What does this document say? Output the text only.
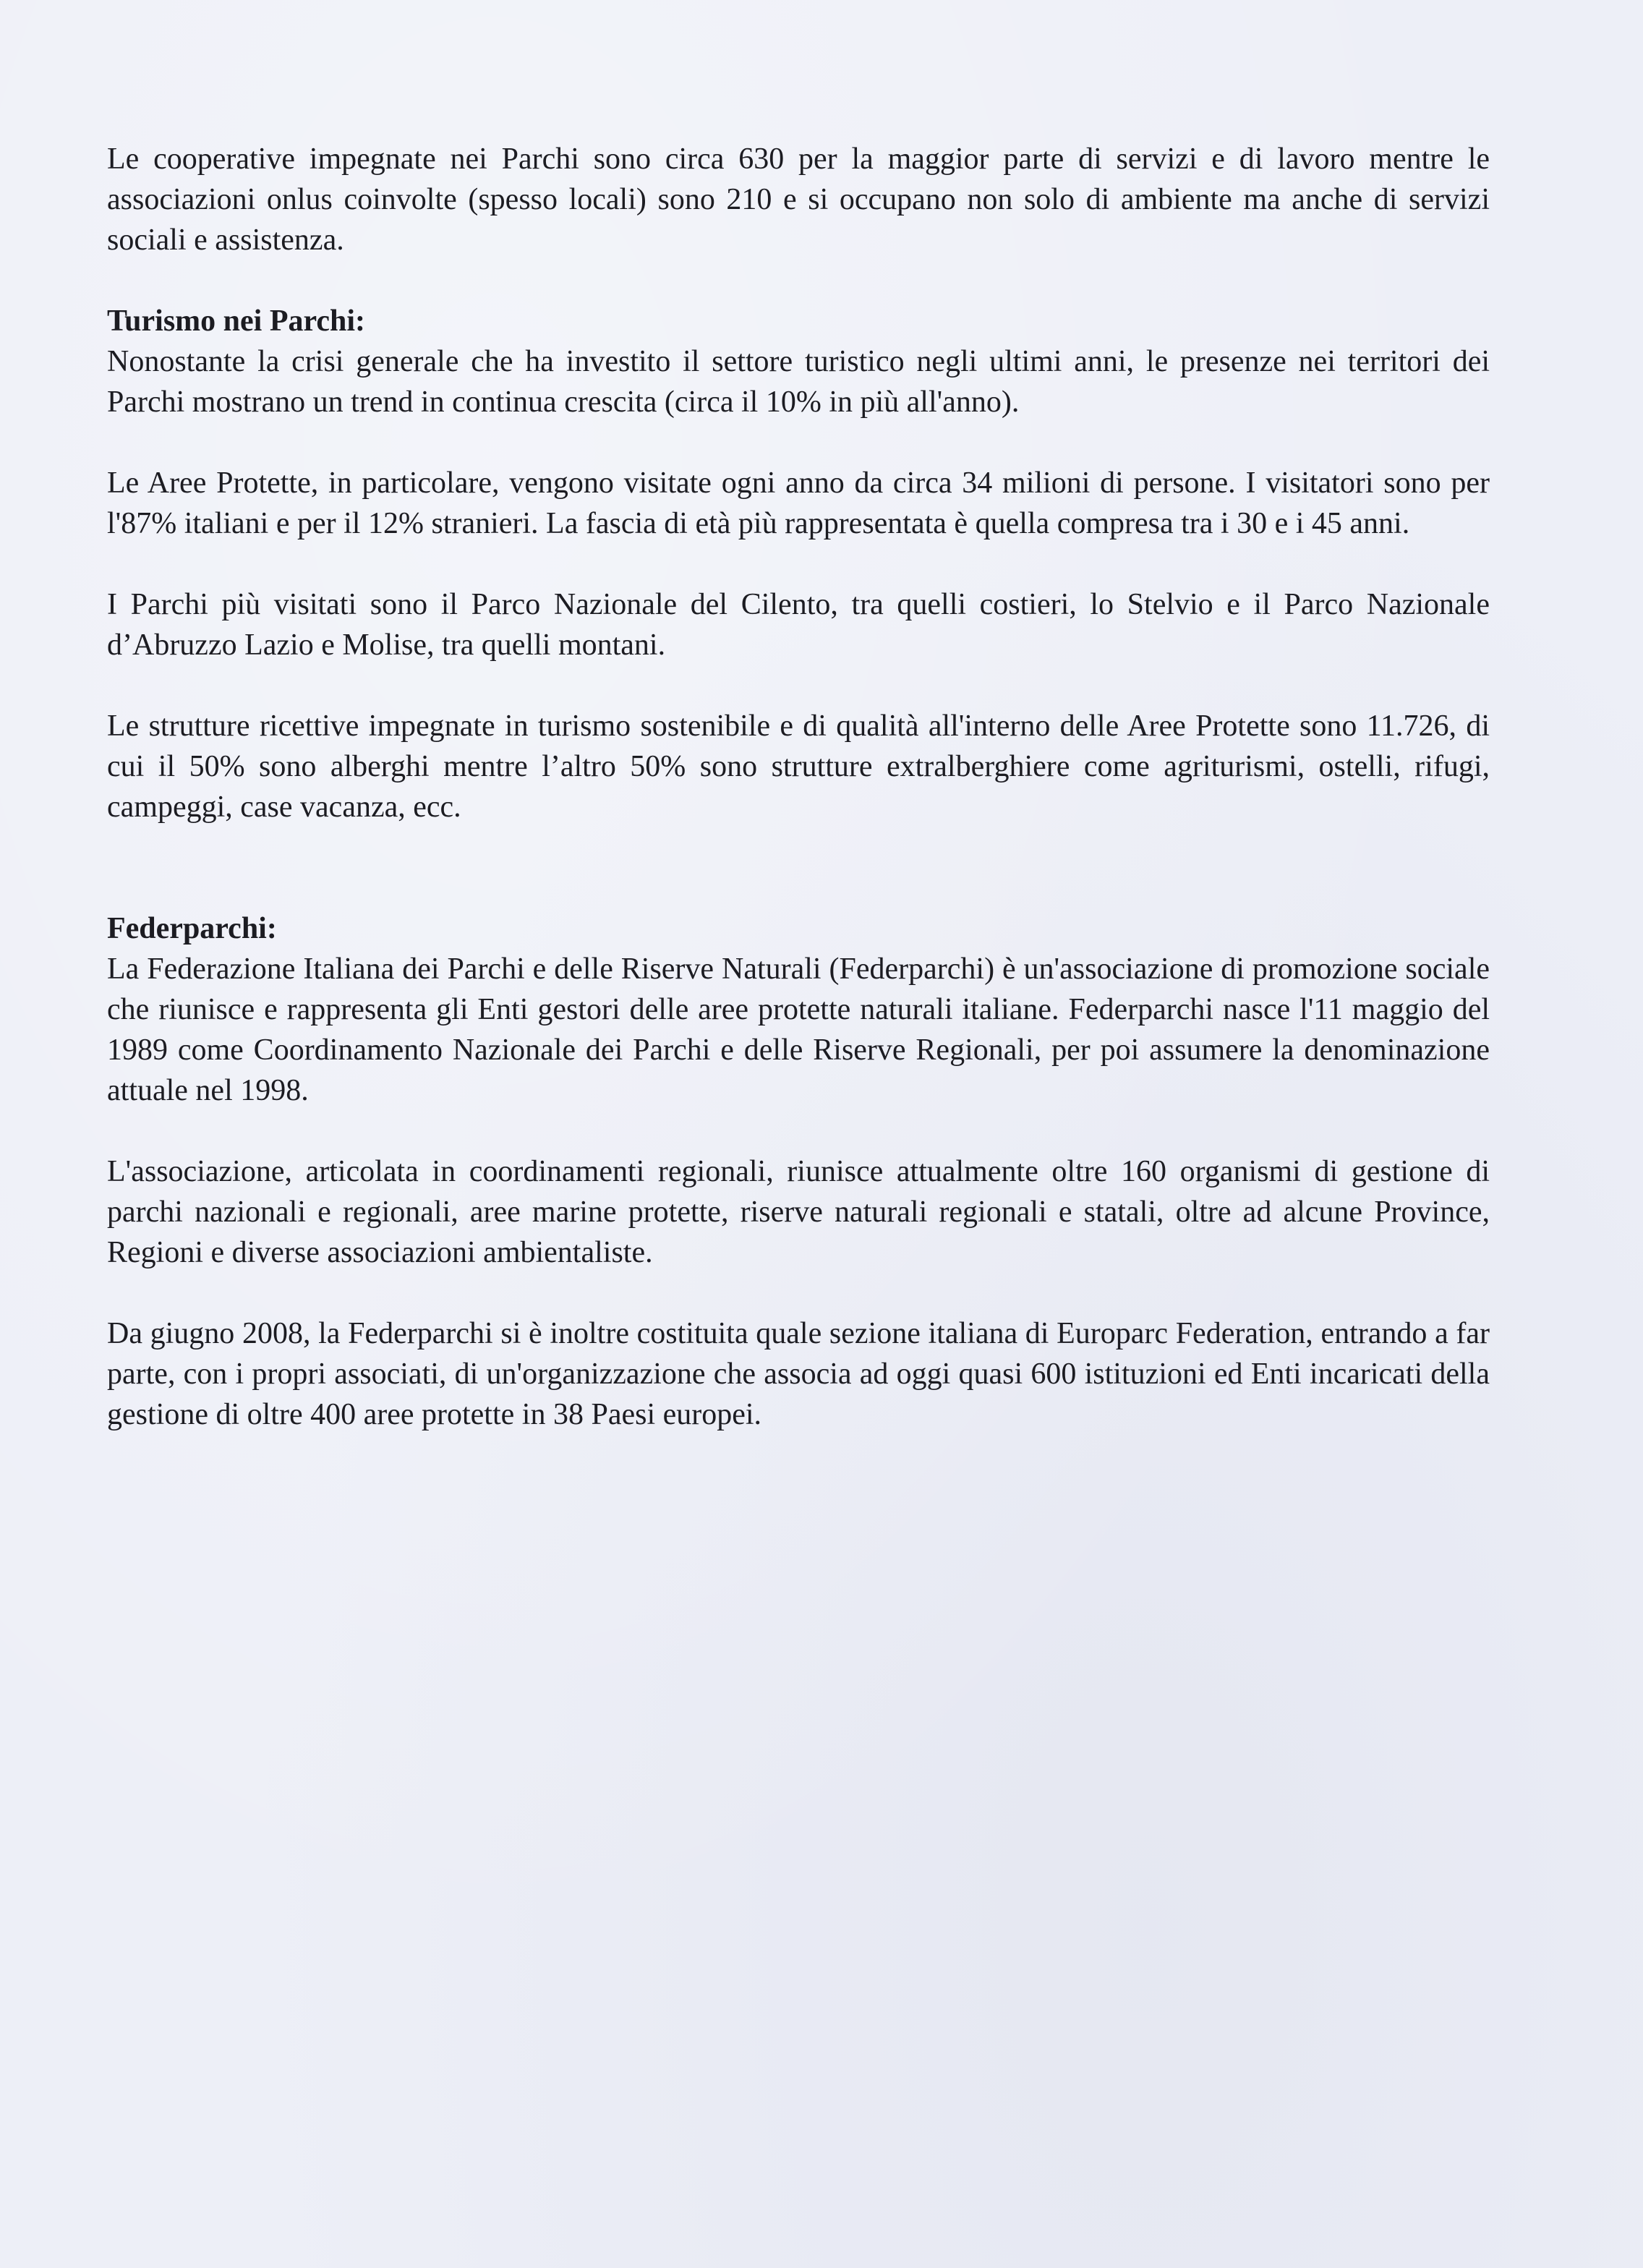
Le cooperative impegnate nei Parchi sono circa 630 per la maggior parte di servizi e di lavoro mentre le associazioni onlus coinvolte (spesso locali) sono 210 e si occupano non solo di ambiente ma anche di servizi sociali e assistenza.

Turismo nei Parchi:

Nonostante la crisi generale che ha investito il settore turistico negli ultimi anni, le presenze nei territori dei Parchi mostrano un trend in continua crescita (circa il 10% in più all'anno).

Le Aree Protette, in particolare, vengono visitate ogni anno da circa 34 milioni di persone. I visitatori sono per l'87% italiani e per il 12% stranieri. La fascia di età più rappresentata è quella compresa tra i 30 e i 45 anni.

I Parchi più visitati sono il Parco Nazionale del Cilento, tra quelli costieri, lo Stelvio e il Parco Nazionale d’Abruzzo Lazio e Molise, tra quelli montani.

Le strutture ricettive impegnate in turismo sostenibile e di qualità all'interno delle Aree Protette sono 11.726, di cui il 50% sono alberghi mentre l’altro 50% sono strutture extralberghiere come agriturismi, ostelli, rifugi, campeggi, case vacanza, ecc.

Federparchi:

La Federazione Italiana dei Parchi e delle Riserve Naturali (Federparchi) è un'associazione di promozione sociale che riunisce e rappresenta gli Enti gestori delle aree protette naturali italiane. Federparchi nasce l'11 maggio del 1989 come Coordinamento Nazionale dei Parchi e delle Riserve Regionali, per poi assumere la denominazione attuale nel 1998.

L'associazione, articolata in coordinamenti regionali, riunisce attualmente oltre 160 organismi di gestione di parchi nazionali e regionali, aree marine protette, riserve naturali regionali e statali, oltre ad alcune Province, Regioni e diverse associazioni ambientaliste.

Da giugno 2008, la Federparchi si è inoltre costituita quale sezione italiana di Europarc Federation, entrando a far parte, con i propri associati, di un'organizzazione che associa ad oggi quasi 600 istituzioni ed Enti incaricati della gestione di oltre 400 aree protette in 38 Paesi europei.
